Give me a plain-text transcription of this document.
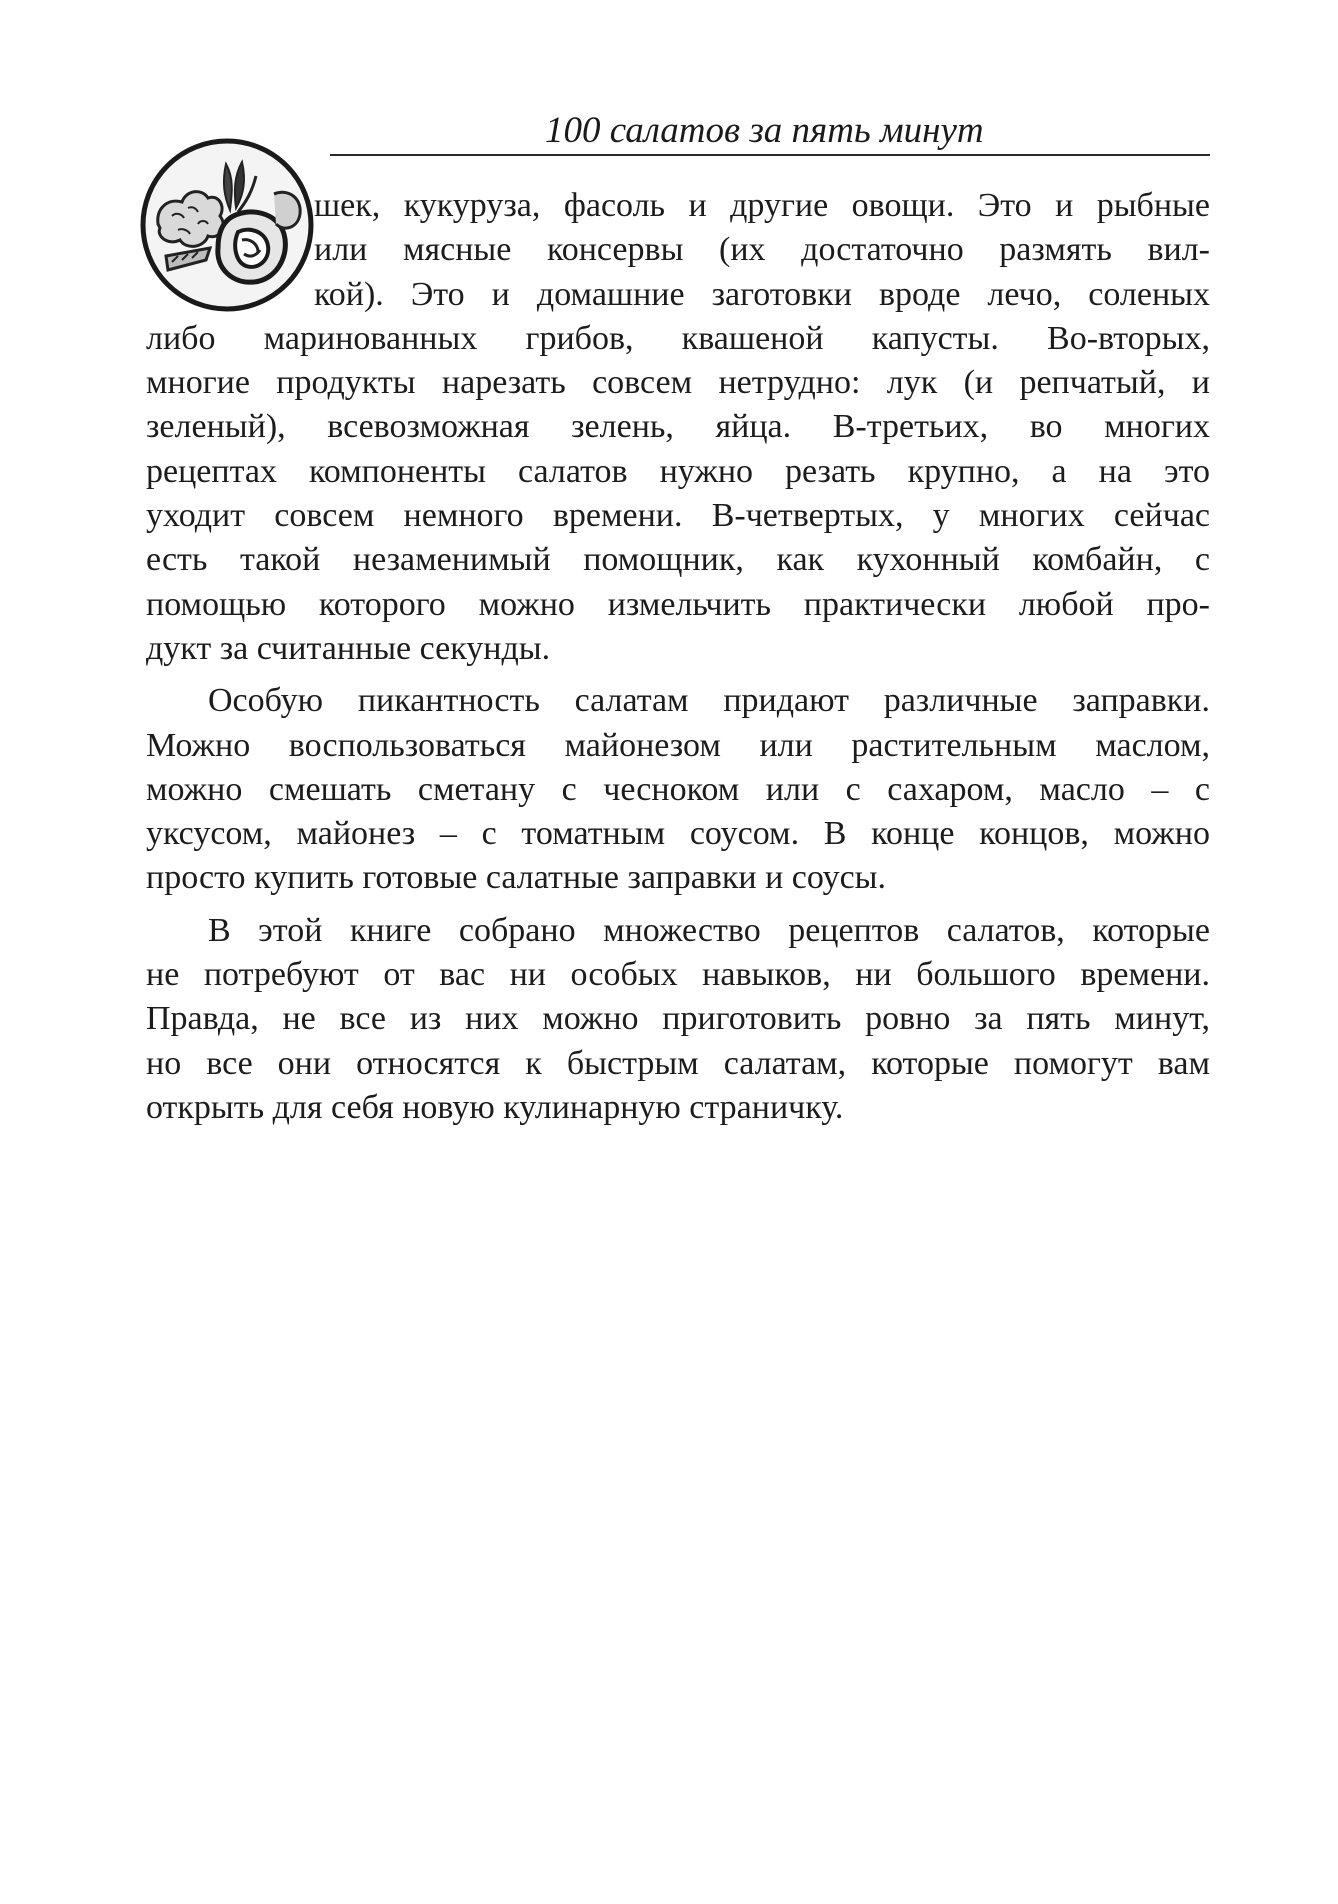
100 салатов за пять минут
шек, кукуруза, фасоль и другие овощи. Это и рыбные
или мясные консервы (их достаточно размять вил-
кой). Это и домашние заготовки вроде лечо, соленых
либо маринованных грибов, квашеной капусты. Во-вторых,
многие продукты нарезать совсем нетрудно: лук (и репчатый, и
зеленый), всевозможная зелень, яйца. В-третьих, во многих
рецептах компоненты салатов нужно резать крупно, а на это
уходит совсем немного времени. В-четвертых, у многих сейчас
есть такой незаменимый помощник, как кухонный комбайн, с
помощью которого можно измельчить практически любой про-
дукт за считанные секунды.
Особую пикантность салатам придают различные заправки.
Можно воспользоваться майонезом или растительным маслом,
можно смешать сметану с чесноком или с сахаром, масло – с
уксусом, майонез – с томатным соусом. В конце концов, можно
просто купить готовые салатные заправки и соусы.
В этой книге собрано множество рецептов салатов, которые
не потребуют от вас ни особых навыков, ни большого времени.
Правда, не все из них можно приготовить ровно за пять минут,
но все они относятся к быстрым салатам, которые помогут вам
открыть для себя новую кулинарную страничку.
